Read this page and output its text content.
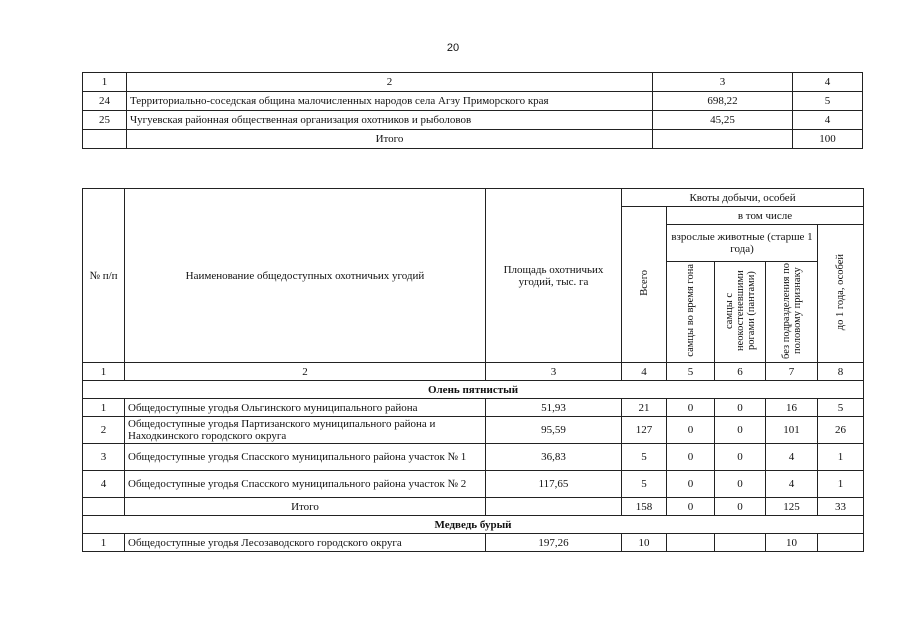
20
1	2	3	4
24	Территориально-соседская община малочисленных народов села Агзу Приморского края	698,22	5
25	Чугуевская районная общественная организация охотников и рыболовов	45,25	4
	Итого		100
№ п/п	Наименование общедоступных охотничьих угодий	Площадь охотничьих угодий, тыс. га	Квоты добычи, особей				
			Всего	в том числе			
				взрослые животные (старше 1 года)			до 1 года, особей
				самцы во время гона	самцы с неокостеневшими рогами (пантами)	без подразделения по половому признаку	
1	2	3	4	5	6	7	8
Олень пятнистый							
1	Общедоступные угодья Ольгинского муниципального района	51,93	21	0	0	16	5
2	Общедоступные угодья Партизанского муниципального района и Находкинского городского округа	95,59	127	0	0	101	26
3	Общедоступные угодья Спасского муниципального района участок № 1	36,83	5	0	0	4	1
4	Общедоступные угодья Спасского муниципального района участок № 2	117,65	5	0	0	4	1
	Итого		158	0	0	125	33
Медведь бурый							
1	Общедоступные угодья Лесозаводского городского округа	197,26	10			10	
